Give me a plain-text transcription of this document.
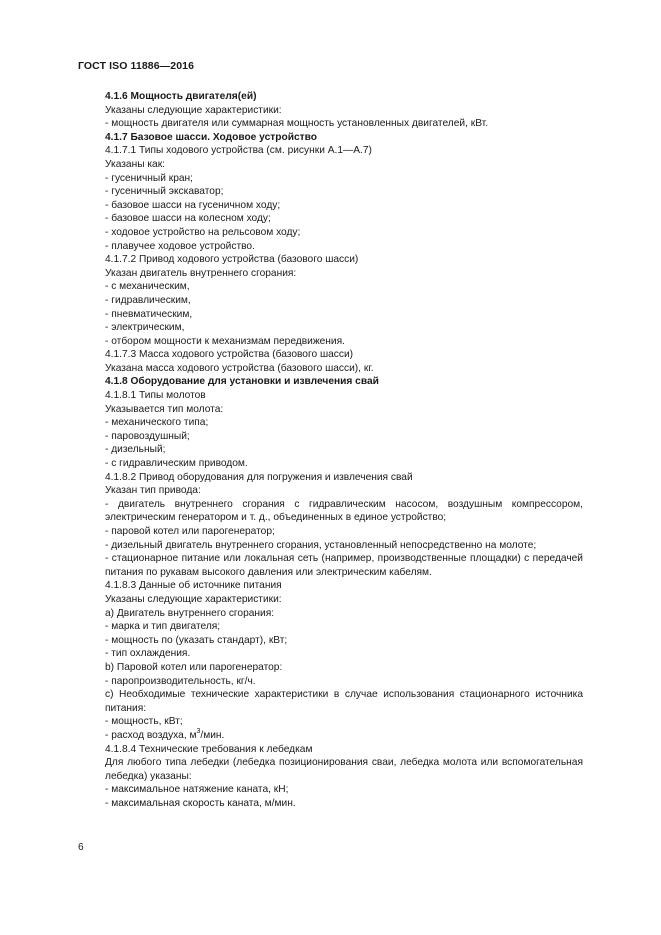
ГОСТ ISO 11886—2016
4.1.6 Мощность двигателя(ей)
Указаны следующие характеристики:
- мощность двигателя или суммарная мощность установленных двигателей, кВт.
4.1.7 Базовое шасси. Ходовое устройство
4.1.7.1 Типы ходового устройства (см. рисунки А.1—А.7)
Указаны как:
- гусеничный кран;
- гусеничный экскаватор;
- базовое шасси на гусеничном ходу;
- базовое шасси на колесном ходу;
- ходовое устройство на рельсовом ходу;
- плавучее ходовое устройство.
4.1.7.2 Привод ходового устройства (базового шасси)
Указан двигатель внутреннего сгорания:
- с механическим,
- гидравлическим,
- пневматическим,
- электрическим,
- отбором мощности к механизмам передвижения.
4.1.7.3 Масса ходового устройства (базового шасси)
Указана масса ходового устройства (базового шасси), кг.
4.1.8 Оборудование для установки и извлечения свай
4.1.8.1 Типы молотов
Указывается тип молота:
- механического типа;
- паровоздушный;
- дизельный;
- с гидравлическим приводом.
4.1.8.2 Привод оборудования для погружения и извлечения свай
Указан тип привода:
- двигатель внутреннего сгорания с гидравлическим насосом, воздушным компрессором, электрическим генератором и т. д., объединенных в единое устройство;
- паровой котел или парогенератор;
- дизельный двигатель внутреннего сгорания, установленный непосредственно на молоте;
- стационарное питание или локальная сеть (например, производственные площадки) с передачей питания по рукавам высокого давления или электрическим кабелям.
4.1.8.3 Данные об источнике питания
Указаны следующие характеристики:
а) Двигатель внутреннего сгорания:
- марка и тип двигателя;
- мощность по (указать стандарт), кВт;
- тип охлаждения.
b) Паровой котел или парогенератор:
- паропроизводительность, кг/ч.
с) Необходимые технические характеристики в случае использования стационарного источника питания:
- мощность, кВт;
- расход воздуха, $м^3$/мин.
4.1.8.4 Технические требования к лебедкам
Для любого типа лебедки (лебедка позиционирования сваи, лебедка молота или вспомогательная лебедка) указаны:
- максимальное натяжение каната, кН;
- максимальная скорость каната, м/мин.
6
